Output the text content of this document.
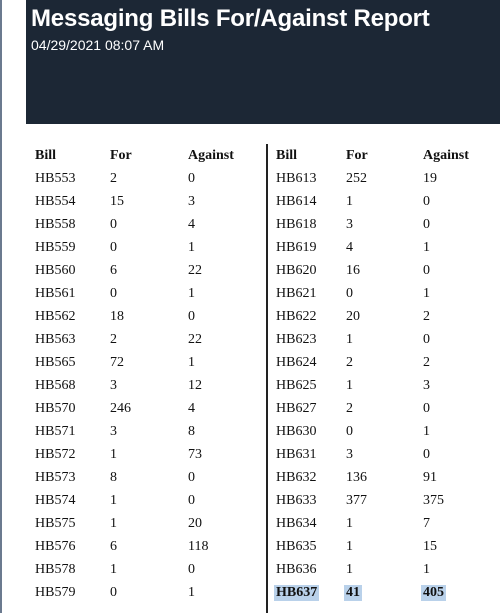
Messaging Bills For/Against Report
04/29/2021 08:07 AM
Bill	For	Against
HB553 2	0
HB554 15	3
HB558 0	4
HB559 0	1
HB560 6	22
HB561 0	1
HB562 18	0
HB563 2	22
HB565 72	1
HB568 3	12
HB570 246	4
HB571 3	8
HB572 1	73
HB573 8	0
HB574 1	0
HB575 1	20
HB576 6	118
HB578 1	0
HB579 0	1
Bill	For	Against
HB613 252	19
HB614 1	0
HB618 3	0
HB619 4	1
HB620 16	0
HB621 0	1
HB622 20	2
HB623 1	0
HB624 2	2
HB625 1	3
HB627 2	0
HB630 0	1
HB631 3	0
HB632 136	91
HB633 377	375
HB634 1	7
HB635 1	15
HB636 1	1
HB637 41	405
